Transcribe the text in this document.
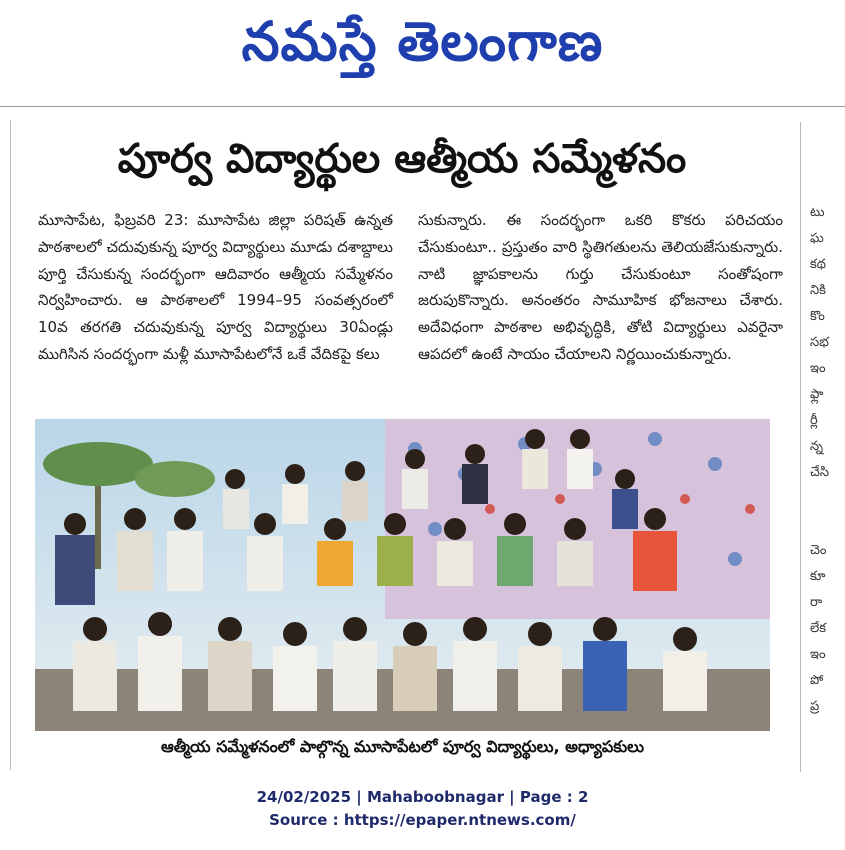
నమస్తే తెలంగాణ
పూర్వ విద్యార్థుల ఆత్మీయ సమ్మేళనం

మూసాపేట, ఫిబ్రవరి 23: మూసాపేట జిల్లా పరిషత్ ఉన్నత పాఠశాలలో చదువుకున్న పూర్వ విద్యార్థులు మూడు దశాబ్దాలు పూర్తి చేసుకున్న సందర్భంగా ఆదివారం ఆత్మీయ సమ్మేళనం నిర్వహించారు. ఆ పాఠశాలలో 1994–95 సంవత్సరంలో 10వ తరగతి చదువుకున్న పూర్వ విద్యార్థులు 30ఏండ్లు ముగిసిన సందర్భంగా మళ్లీ మూసాపేటలోనే ఒకే వేదికపై కలు

సుకున్నారు. ఈ సందర్భంగా ఒకరి కొకరు పరిచయం చేసుకుంటూ.. ప్రస్తుతం వారి స్థితిగతులను తెలియజేసుకున్నారు. నాటి జ్ఞాపకాలను గుర్తు చేసుకుంటూ సంతోషంగా జరుపుకొన్నారు. అనంతరం సామూహిక భోజనాలు చేశారు. అదేవిధంగా పాఠశాల అభివృద్ధికి, తోటి విద్యార్థులు ఎవరైనా ఆపదలో ఉంటే సాయం చేయాలని నిర్ణయించుకున్నారు.

ఆత్మీయ సమ్మేళనంలో పాల్గొన్న మూసాపేటలో పూర్వ విద్యార్థులు, అధ్యాపకులు
టు
ఘ
కథ
నికి
కొం
సభ
ఇం
ఫ్లా
ర్లీ
న్న
చేసి

చెం
కూ
రా
లేక
ఇం
పో
ప్ర
24/02/2025 | Mahaboobnagar | Page : 2
Source : https://epaper.ntnews.com/
